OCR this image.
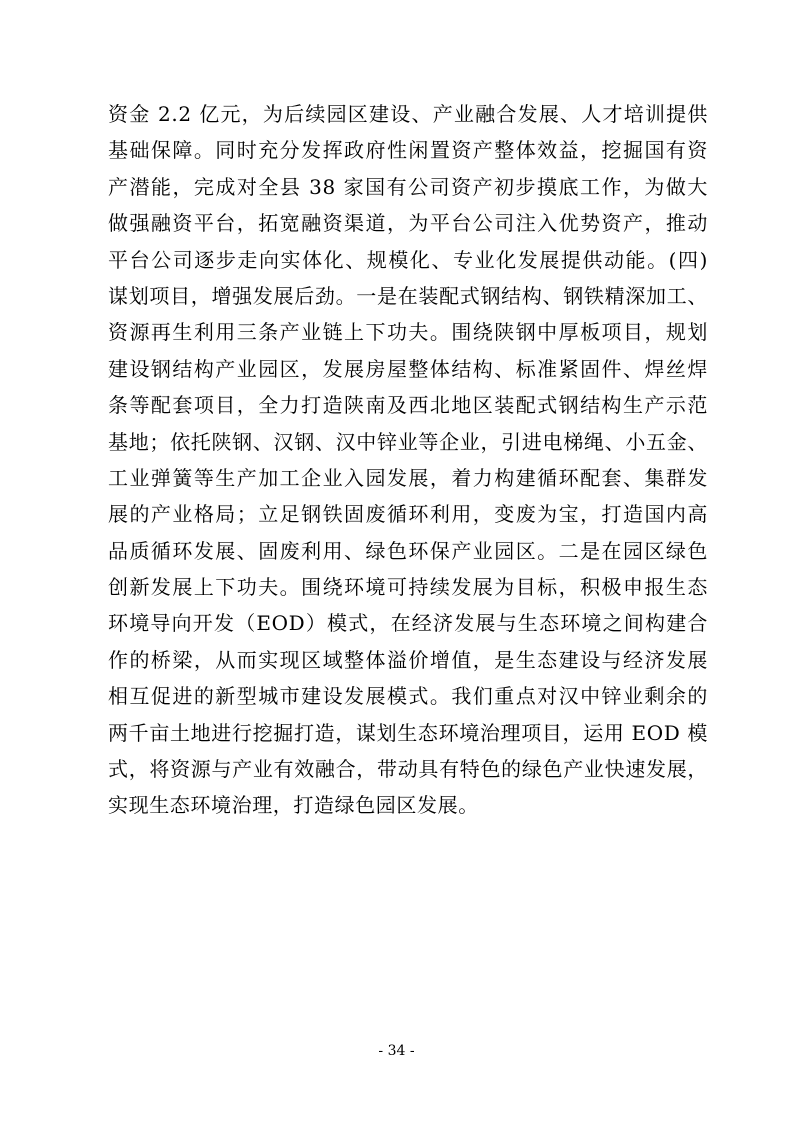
资金 2.2 亿元，为后续园区建设、产业融合发展、人才培训提供
基础保障。同时充分发挥政府性闲置资产整体效益，挖掘国有资
产潜能，完成对全县 38 家国有公司资产初步摸底工作，为做大
做强融资平台，拓宽融资渠道，为平台公司注入优势资产，推动
平台公司逐步走向实体化、规模化、专业化发展提供动能。(四)
谋划项目，增强发展后劲。一是在装配式钢结构、钢铁精深加工、
资源再生利用三条产业链上下功夫。围绕陕钢中厚板项目，规划
建设钢结构产业园区，发展房屋整体结构、标准紧固件、焊丝焊
条等配套项目，全力打造陕南及西北地区装配式钢结构生产示范
基地；依托陕钢、汉钢、汉中锌业等企业，引进电梯绳、小五金、
工业弹簧等生产加工企业入园发展，着力构建循环配套、集群发
展的产业格局；立足钢铁固废循环利用，变废为宝，打造国内高
品质循环发展、固废利用、绿色环保产业园区。二是在园区绿色
创新发展上下功夫。围绕环境可持续发展为目标，积极申报生态
环境导向开发（EOD）模式，在经济发展与生态环境之间构建合
作的桥梁，从而实现区域整体溢价增值，是生态建设与经济发展
相互促进的新型城市建设发展模式。我们重点对汉中锌业剩余的
两千亩土地进行挖掘打造，谋划生态环境治理项目，运用 EOD 模
式，将资源与产业有效融合，带动具有特色的绿色产业快速发展，
实现生态环境治理，打造绿色园区发展。
- 34 -
